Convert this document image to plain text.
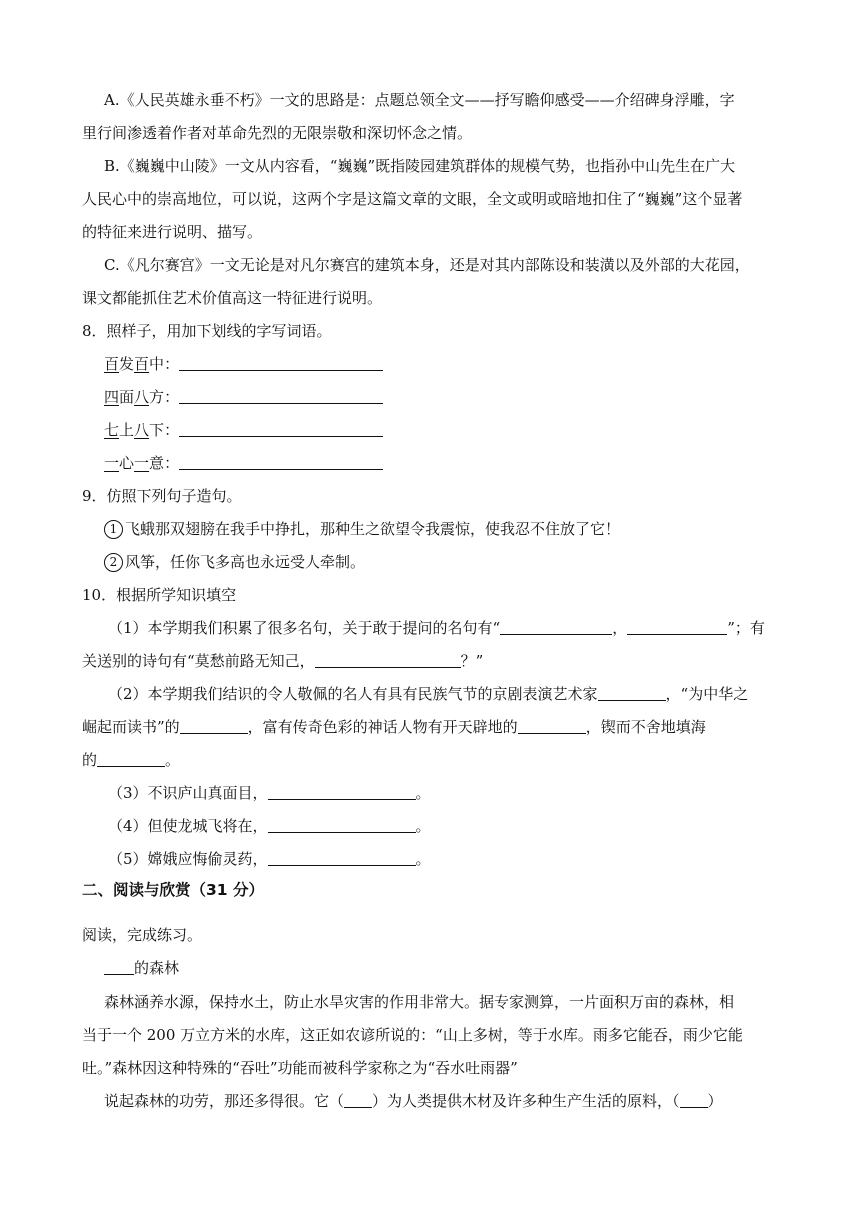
A.《人民英雄永垂不朽》一文的思路是：点题总领全文——抒写瞻仰感受——介绍碑身浮雕，字

里行间渗透着作者对革命先烈的无限崇敬和深切怀念之情。

B.《巍巍中山陵》一文从内容看，“巍巍”既指陵园建筑群体的规模气势，也指孙中山先生在广大

人民心中的崇高地位，可以说，这两个字是这篇文章的文眼，全文或明或暗地扣住了“巍巍”这个显著

的特征来进行说明、描写。

C.《凡尔赛宫》一文无论是对凡尔赛宫的建筑本身，还是对其内部陈设和装潢以及外部的大花园，

课文都能抓住艺术价值高这一特征进行说明。

8．照样子，用加下划线的字写词语。

百发百中：

四面八方：

七上八下：

一心一意：

9．仿照下列句子造句。

1 飞蛾那双翅膀在我手中挣扎，那种生之欲望令我震惊，使我忍不住放了它！

2 风筝，任你飞多高也永远受人牵制。

10．根据所学知识填空

（1）本学期我们积累了很多名句，关于敢于提问的名句有“	，	”；有

关送别的诗句有“莫愁前路无知己，	？”

（2）本学期我们结识的令人敬佩的名人有具有民族气节的京剧表演艺术家	，“为中华之

崛起而读书”的	，富有传奇色彩的神话人物有开天辟地的	，锲而不舍地填海

的	。

（3）不识庐山真面目，	。

（4）但使龙城飞将在，	。

（5）嫦娥应悔偷灵药，	。

二、阅读与欣赏（31 分）

阅读，完成练习。

的森林

森林涵养水源，保持水土，防止水旱灾害的作用非常大。据专家测算，一片面积万亩的森林，相

当于一个 200 万立方米的水库，这正如农谚所说的：“山上多树，等于水库。雨多它能吞，雨少它能

吐。”森林因这种特殊的“吞吐”功能而被科学家称之为“吞水吐雨器”

说起森林的功劳，那还多得很。它（ ）为人类提供木材及许多种生产生活的原料，（ ）
